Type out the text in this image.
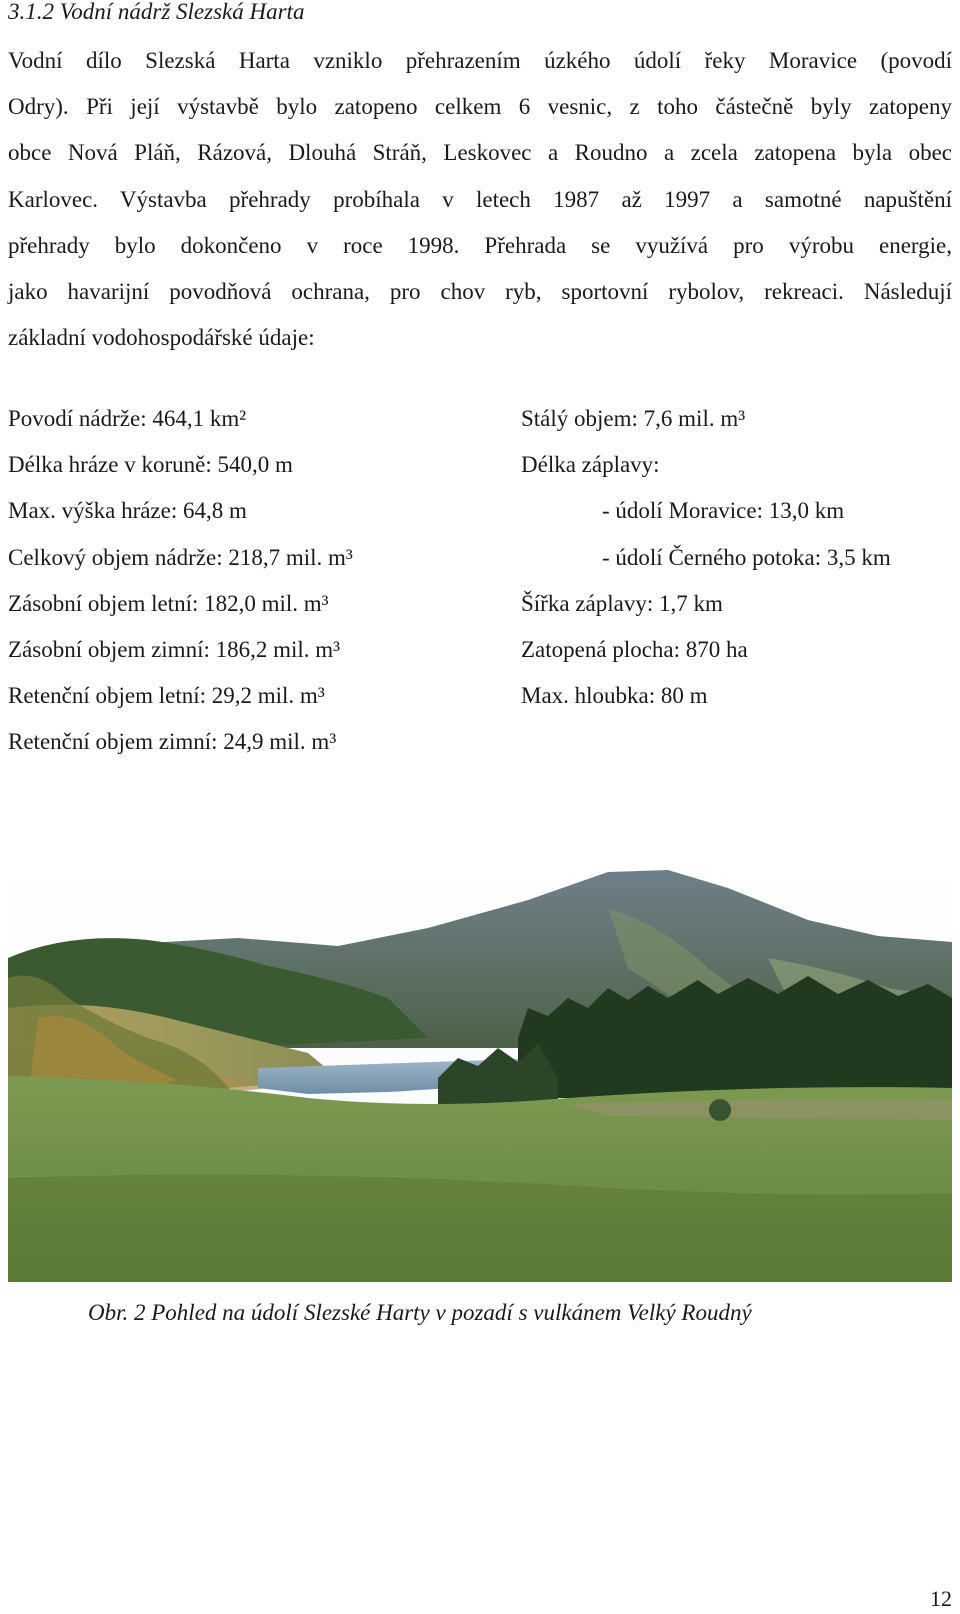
3.1.2 Vodní nádrž Slezská Harta
Vodní dílo Slezská Harta vzniklo přehrazením úzkého údolí řeky Moravice (povodí
Odry). Při její výstavbě bylo zatopeno celkem 6 vesnic, z toho částečně byly zatopeny
obce Nová Pláň, Rázová, Dlouhá Stráň, Leskovec a Roudno a zcela zatopena byla obec
Karlovec. Výstavba přehrady probíhala v letech 1987 až 1997 a samotné napuštění
přehrady bylo dokončeno v roce 1998. Přehrada se využívá pro výrobu energie,
jako havarijní povodňová ochrana, pro chov ryb, sportovní rybolov, rekreaci. Následují
základní vodohospodářské údaje:
Povodí nádrže: 464,1 km²
Délka hráze v koruně: 540,0 m
Max. výška hráze: 64,8 m
Celkový objem nádrže: 218,7 mil. m³
Zásobní objem letní: 182,0 mil. m³
Zásobní objem zimní: 186,2 mil. m³
Retenční objem letní: 29,2 mil. m³
Retenční objem zimní: 24,9 mil. m³
Stálý objem: 7,6 mil. m³
Délka záplavy:
- údolí Moravice: 13,0 km
- údolí Černého potoka: 3,5 km
Šířka záplavy: 1,7 km
Zatopená plocha: 870 ha
Max. hloubka: 80 m
Obr. 2 Pohled na údolí Slezské Harty v pozadí s vulkánem Velký Roudný
12
